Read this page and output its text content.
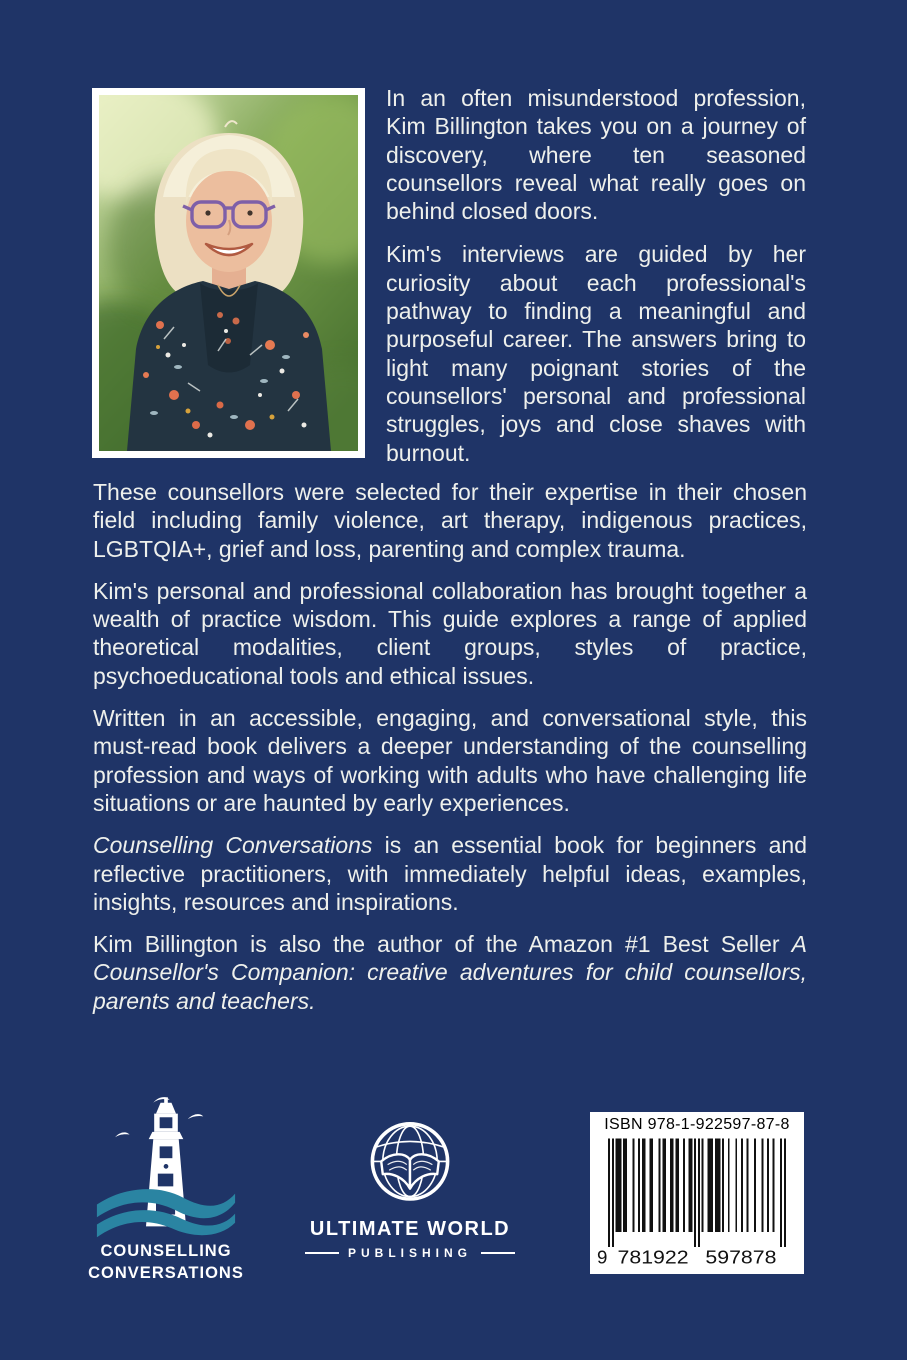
In an often misunderstood profession, Kim Billington takes you on a journey of discovery, where ten seasoned counsellors reveal what really goes on behind closed doors.

Kim's interviews are guided by her curiosity about each professional's pathway to finding a meaningful and purposeful career. The answers bring to light many poignant stories of the counsellors' personal and professional struggles, joys and close shaves with burnout.

These counsellors were selected for their expertise in their chosen field including family violence, art therapy, indigenous practices, LGBTQIA+, grief and loss, parenting and complex trauma.

Kim's personal and professional collaboration has brought together a wealth of practice wisdom. This guide explores a range of applied theoretical modalities, client groups, styles of practice, psychoeducational tools and ethical issues.

Written in an accessible, engaging, and conversational style, this must-read book delivers a deeper understanding of the counselling profession and ways of working with adults who have challenging life situations or are haunted by early experiences.

Counselling Conversations is an essential book for beginners and reflective practitioners, with immediately helpful ideas, examples, insights, resources and inspirations.

Kim Billington is also the author of the Amazon #1 Best Seller A Counsellor's Companion: creative adventures for child counsellors, parents and teachers.

COUNSELLING
CONVERSATIONS
ULTIMATE WORLD
PUBLISHING
ISBN 978-1-922597-87-8
9 781922 597878
